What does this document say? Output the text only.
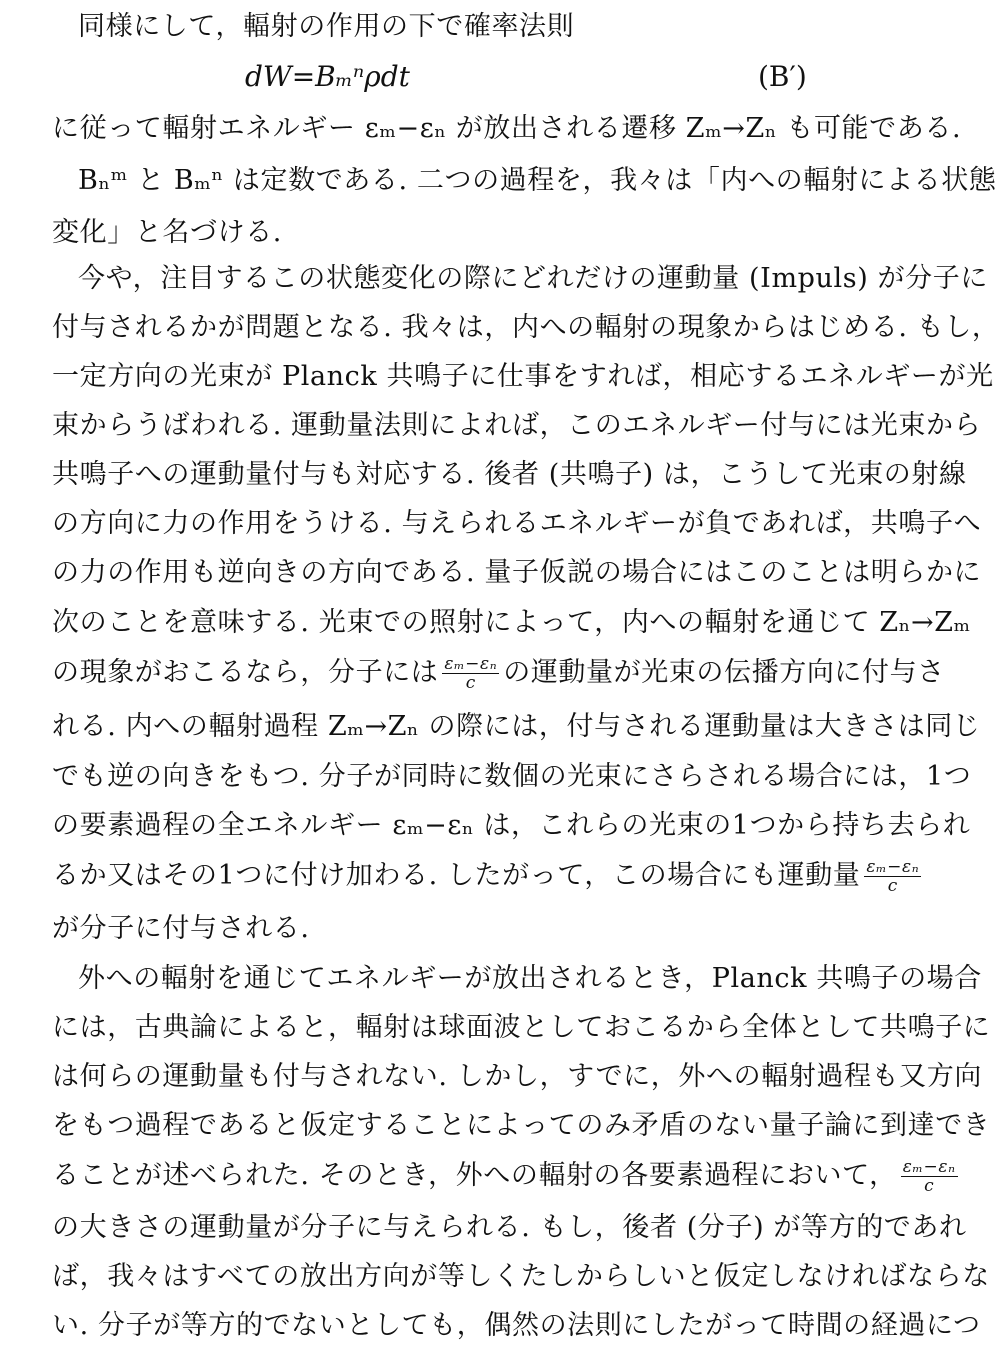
同様にして，輻射の作用の下で確率法則
dW=Bₘⁿρdt	(B′)
に従って輻射エネルギー εₘ−εₙ が放出される遷移 Zₘ→Zₙ も可能である.
Bₙᵐ と Bₘⁿ は定数である. 二つの過程を，我々は「内への輻射による状態
変化」と名づける.
今や，注目するこの状態変化の際にどれだけの運動量 (Impuls) が分子に
付与されるかが問題となる. 我々は，内への輻射の現象からはじめる. もし，
一定方向の光束が Planck 共鳴子に仕事をすれば，相応するエネルギーが光
束からうばわれる. 運動量法則によれば，このエネルギー付与には光束から
共鳴子への運動量付与も対応する. 後者 (共鳴子) は，こうして光束の射線
の方向に力の作用をうける. 与えられるエネルギーが負であれば，共鳴子へ
の力の作用も逆向きの方向である. 量子仮説の場合にはこのことは明らかに
次のことを意味する. 光束での照射によって，内への輻射を通じて Zₙ→Zₘ
の現象がおこるなら，分子には $\frac{\text{εₘ−εₙ}}{c}$ の運動量が光束の伝播方向に付与さ
れる. 内への輻射過程 Zₘ→Zₙ の際には，付与される運動量は大きさは同じ
でも逆の向きをもつ. 分子が同時に数個の光束にさらされる場合には，1つ
の要素過程の全エネルギー εₘ−εₙ は，これらの光束の1つから持ち去られ
るか又はその1つに付け加わる. したがって，この場合にも運動量 $\frac{\text{εₘ−εₙ}}{c}$
が分子に付与される.
外への輻射を通じてエネルギーが放出されるとき，Planck 共鳴子の場合
には，古典論によると，輻射は球面波としておこるから全体として共鳴子に
は何らの運動量も付与されない. しかし，すでに，外への輻射過程も又方向
をもつ過程であると仮定することによってのみ矛盾のない量子論に到達でき
ることが述べられた. そのとき，外への輻射の各要素過程において， $\frac{\text{εₘ−εₙ}}{c}$
の大きさの運動量が分子に与えられる. もし，後者 (分子) が等方的であれ
ば，我々はすべての放出方向が等しくたしからしいと仮定しなければならな
い. 分子が等方的でないとしても，偶然の法則にしたがって時間の経過につ
